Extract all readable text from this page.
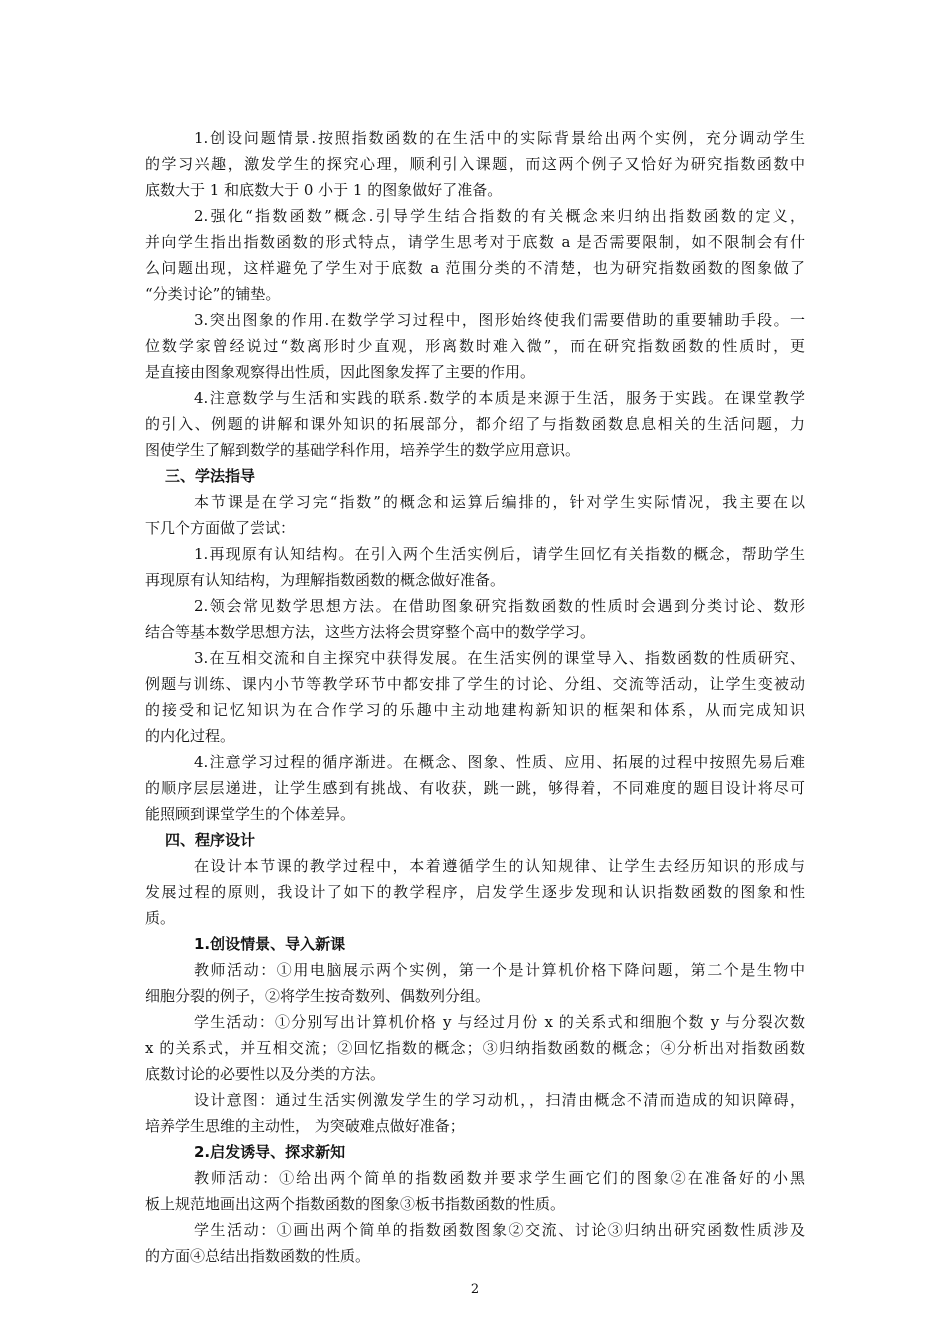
1.创设问题情景.按照指数函数的在生活中的实际背景给出两个实例，充分调动学生
的学习兴趣，激发学生的探究心理，顺利引入课题，而这两个例子又恰好为研究指数函数中
底数大于 1 和底数大于 0 小于 1 的图象做好了准备。
2.强化“指数函数”概念.引导学生结合指数的有关概念来归纳出指数函数的定义，
并向学生指出指数函数的形式特点，请学生思考对于底数 a 是否需要限制，如不限制会有什
么问题出现，这样避免了学生对于底数 a 范围分类的不清楚，也为研究指数函数的图象做了
“分类讨论”的铺垫。
3.突出图象的作用.在数学学习过程中，图形始终使我们需要借助的重要辅助手段。一
位数学家曾经说过“数离形时少直观，形离数时难入微”，而在研究指数函数的性质时，更
是直接由图象观察得出性质，因此图象发挥了主要的作用。
4.注意数学与生活和实践的联系.数学的本质是来源于生活，服务于实践。在课堂教学
的引入、例题的讲解和课外知识的拓展部分，都介绍了与指数函数息息相关的生活问题，力
图使学生了解到数学的基础学科作用，培养学生的数学应用意识。
三、学法指导
本节课是在学习完“指数”的概念和运算后编排的，针对学生实际情况，我主要在以
下几个方面做了尝试：
1.再现原有认知结构。在引入两个生活实例后，请学生回忆有关指数的概念，帮助学生
再现原有认知结构，为理解指数函数的概念做好准备。
2.领会常见数学思想方法。在借助图象研究指数函数的性质时会遇到分类讨论、数形
结合等基本数学思想方法，这些方法将会贯穿整个高中的数学学习。
3.在互相交流和自主探究中获得发展。在生活实例的课堂导入、指数函数的性质研究、
例题与训练、课内小节等教学环节中都安排了学生的讨论、分组、交流等活动，让学生变被动
的接受和记忆知识为在合作学习的乐趣中主动地建构新知识的框架和体系，从而完成知识
的内化过程。
4.注意学习过程的循序渐进。在概念、图象、性质、应用、拓展的过程中按照先易后难
的顺序层层递进，让学生感到有挑战、有收获，跳一跳，够得着，不同难度的题目设计将尽可
能照顾到课堂学生的个体差异。
四、程序设计
在设计本节课的教学过程中，本着遵循学生的认知规律、让学生去经历知识的形成与
发展过程的原则，我设计了如下的教学程序，启发学生逐步发现和认识指数函数的图象和性
质。
1.创设情景、导入新课
教师活动：①用电脑展示两个实例，第一个是计算机价格下降问题，第二个是生物中
细胞分裂的例子，②将学生按奇数列、偶数列分组。
学生活动：①分别写出计算机价格 y 与经过月份 x 的关系式和细胞个数 y 与分裂次数
x 的关系式，并互相交流；②回忆指数的概念；③归纳指数函数的概念；④分析出对指数函数
底数讨论的必要性以及分类的方法。
设计意图：通过生活实例激发学生的学习动机，，扫清由概念不清而造成的知识障碍，
培养学生思维的主动性， 为突破难点做好准备；
2.启发诱导、探求新知
教师活动：①给出两个简单的指数函数并要求学生画它们的图象②在准备好的小黑
板上规范地画出这两个指数函数的图象③板书指数函数的性质。
学生活动：①画出两个简单的指数函数图象②交流、讨论③归纳出研究函数性质涉及
的方面④总结出指数函数的性质。
2
